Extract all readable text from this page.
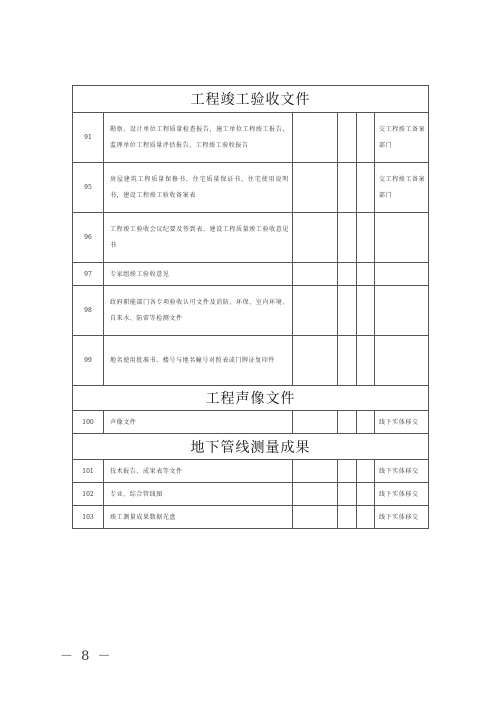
工程竣工验收文件					
91	勘察、设计单位工程质量检查报告，施工单位工程竣工报告，监理单位工程质量评估报告，工程竣工验收报告				交工程竣工备案部门
95	房屋建筑工程质量保修书，住宅质量保证书、住宅使用说明书，建设工程竣工验收备案表				交工程竣工备案部门
96	工程竣工验收会议纪要及签到表、建设工程质量竣工验收意见书				
97	专家组竣工验收意见				
98	政府职能部门各专项验收认可文件及消防、环保、室内环境、自来水、防雷等检测文件				
99	地名使用批准书、楼号与地名幢号对照表或门牌证复印件				
工程声像文件					
100	声像文件				线下实体移交
地下管线测量成果					
101	技术报告、成果表等文件				线下实体移交
102	专业、综合管线图				线下实体移交
103	竣工测量成果数据光盘				线下实体移交
－ 8 －
